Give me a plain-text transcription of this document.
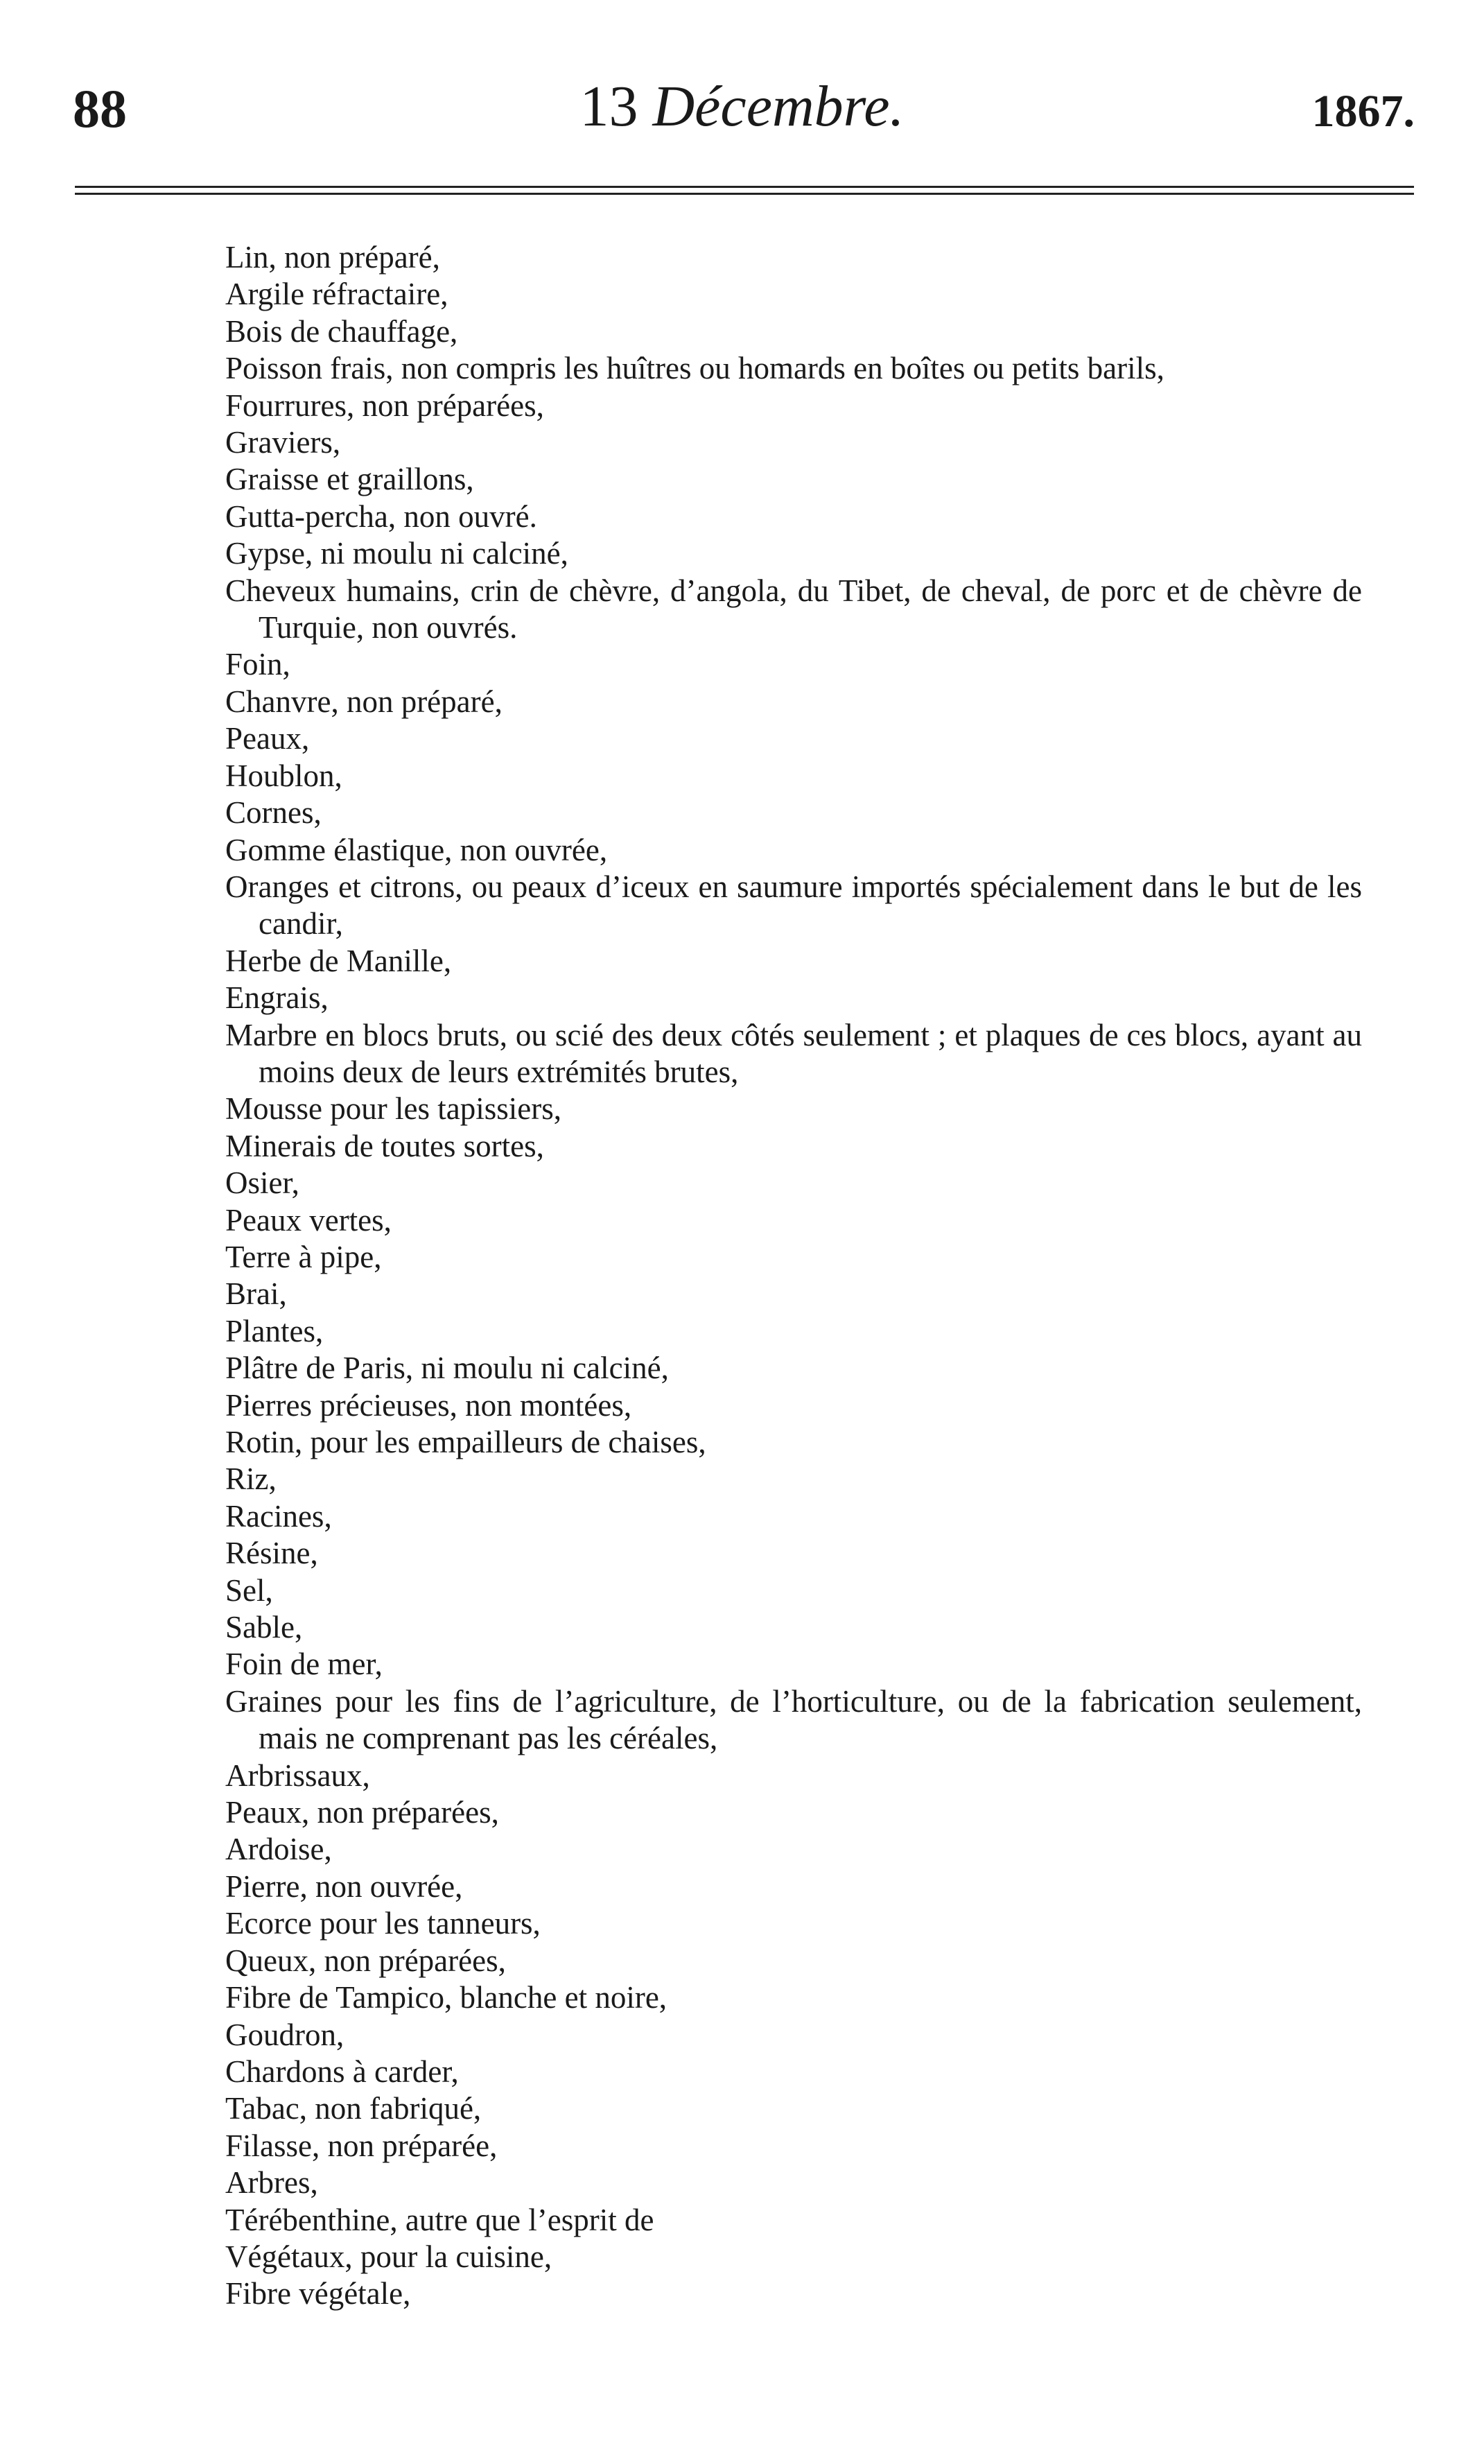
88	13 Décembre.	1867.
Lin, non préparé,
Argile réfractaire,
Bois de chauffage,
Poisson frais, non compris les huîtres ou homards en boîtes ou petits barils,
Fourrures, non préparées,
Graviers,
Graisse et graillons,
Gutta-percha, non ouvré.
Gypse, ni moulu ni calciné,
Cheveux humains, crin de chèvre, d’angola, du Tibet, de cheval, de porc et de chèvre de Turquie, non ouvrés.
Foin,
Chanvre, non préparé,
Peaux,
Houblon,
Cornes,
Gomme élastique, non ouvrée,
Oranges et citrons, ou peaux d’iceux en saumure importés spécialement dans le but de les candir,
Herbe de Manille,
Engrais,
Marbre en blocs bruts, ou scié des deux côtés seulement ; et plaques de ces blocs, ayant au moins deux de leurs extrémités brutes,
Mousse pour les tapissiers,
Minerais de toutes sortes,
Osier,
Peaux vertes,
Terre à pipe,
Brai,
Plantes,
Plâtre de Paris, ni moulu ni calciné,
Pierres précieuses, non montées,
Rotin, pour les empailleurs de chaises,
Riz,
Racines,
Résine,
Sel,
Sable,
Foin de mer,
Graines pour les fins de l’agriculture, de l’horticulture, ou de la fabrication seulement, mais ne comprenant pas les céréales,
Arbrissaux,
Peaux, non préparées,
Ardoise,
Pierre, non ouvrée,
Ecorce pour les tanneurs,
Queux, non préparées,
Fibre de Tampico, blanche et noire,
Goudron,
Chardons à carder,
Tabac, non fabriqué,
Filasse, non préparée,
Arbres,
Térébenthine, autre que l’esprit de
Végétaux, pour la cuisine,
Fibre végétale,
